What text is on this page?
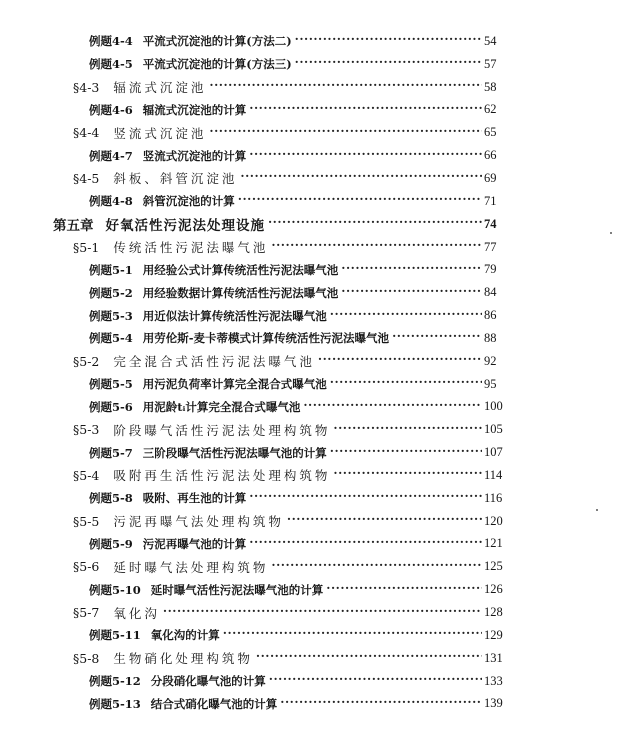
例题4-4 平流式沉淀池的计算(方法二) ·····	54
例题4-5 平流式沉淀池的计算(方法三) ·····	57
§4-3 辐流式沉淀池 ·····	58
例题4-6 辐流式沉淀池的计算 ·····	62
§4-4 竖流式沉淀池 ·····	65
例题4-7 竖流式沉淀池的计算 ·····	66
§4-5 斜板、斜管沉淀池 ·····	69
例题4-8 斜管沉淀池的计算 ·····	71
第五章 好氧活性污泥法处理设施 ·····	74
§5-1 传统活性污泥法曝气池 ·····	77
例题5-1 用经验公式计算传统活性污泥法曝气池 ·····	79
例题5-2 用经验数据计算传统活性污泥法曝气池 ·····	84
例题5-3 用近似法计算传统活性污泥法曝气池 ·····	86
例题5-4 用劳伦斯-麦卡蒂模式计算传统活性污泥法曝气池 ·····	88
§5-2 完全混合式活性污泥法曝气池 ·····	92
例题5-5 用污泥负荷率计算完全混合式曝气池 ·····	95
例题5-6 用泥龄tᵢ计算完全混合式曝气池 ·····	100
§5-3 阶段曝气活性污泥法处理构筑物 ·····	105
例题5-7 三阶段曝气活性污泥法曝气池的计算 ·····	107
§5-4 吸附再生活性污泥法处理构筑物 ·····	114
例题5-8 吸附、再生池的计算 ·····	116
§5-5 污泥再曝气法处理构筑物 ·····	120
例题5-9 污泥再曝气池的计算 ·····	121
§5-6 延时曝气法处理构筑物 ·····	125
例题5-10 延时曝气活性污泥法曝气池的计算 ·····	126
§5-7 氧化沟 ·····	128
例题5-11 氧化沟的计算 ·····	129
§5-8 生物硝化处理构筑物 ·····	131
例题5-12 分段硝化曝气池的计算 ·····	133
例题5-13 结合式硝化曝气池的计算 ·····	139
